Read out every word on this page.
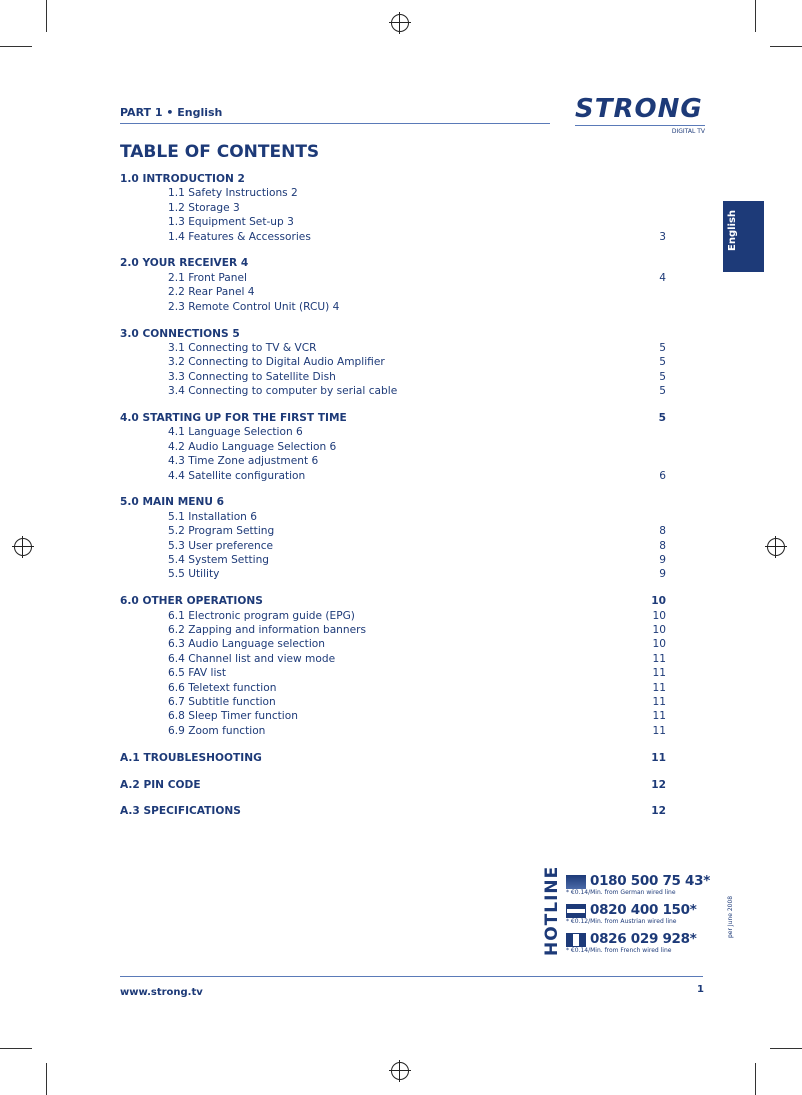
PART 1 • English	STRONG
DIGITAL TV
TABLE OF CONTENTS
English
1.0 INTRODUCTION 2
1.1 Safety Instructions 2
1.2 Storage 3
1.3 Equipment Set-up 3
1.4 Features & Accessories	3
2.0 YOUR RECEIVER 4
2.1 Front Panel	4
2.2 Rear Panel 4
2.3 Remote Control Unit (RCU) 4
3.0 CONNECTIONS 5
3.1 Connecting to TV & VCR	5
3.2 Connecting to Digital Audio Amplifier	5
3.3 Connecting to Satellite Dish	5
3.4 Connecting to computer by serial cable	5
4.0 STARTING UP FOR THE FIRST TIME	5
4.1 Language Selection 6
4.2 Audio Language Selection 6
4.3 Time Zone adjustment 6
4.4 Satellite configuration	6
5.0 MAIN MENU 6
5.1 Installation 6
5.2 Program Setting	8
5.3 User preference	8
5.4 System Setting	9
5.5 Utility	9
6.0 OTHER OPERATIONS	10
6.1 Electronic program guide (EPG)	10
6.2 Zapping and information banners	10
6.3 Audio Language selection	10
6.4 Channel list and view mode	11
6.5 FAV list	11
6.6 Teletext function	11
6.7 Subtitle function	11
6.8 Sleep Timer function	11
6.9 Zoom function	11
A.1 TROUBLESHOOTING	11
A.2 PIN CODE	12
A.3 SPECIFICATIONS	12
HOTLINE	0180 500 75 43*
* €0.14/Min. from German wired line
0820 400 150*
* €0.12/Min. from Austrian wired line
0826 029 928*
* €0.14/Min. from French wired line
per June 2008
www.strong.tv	1
